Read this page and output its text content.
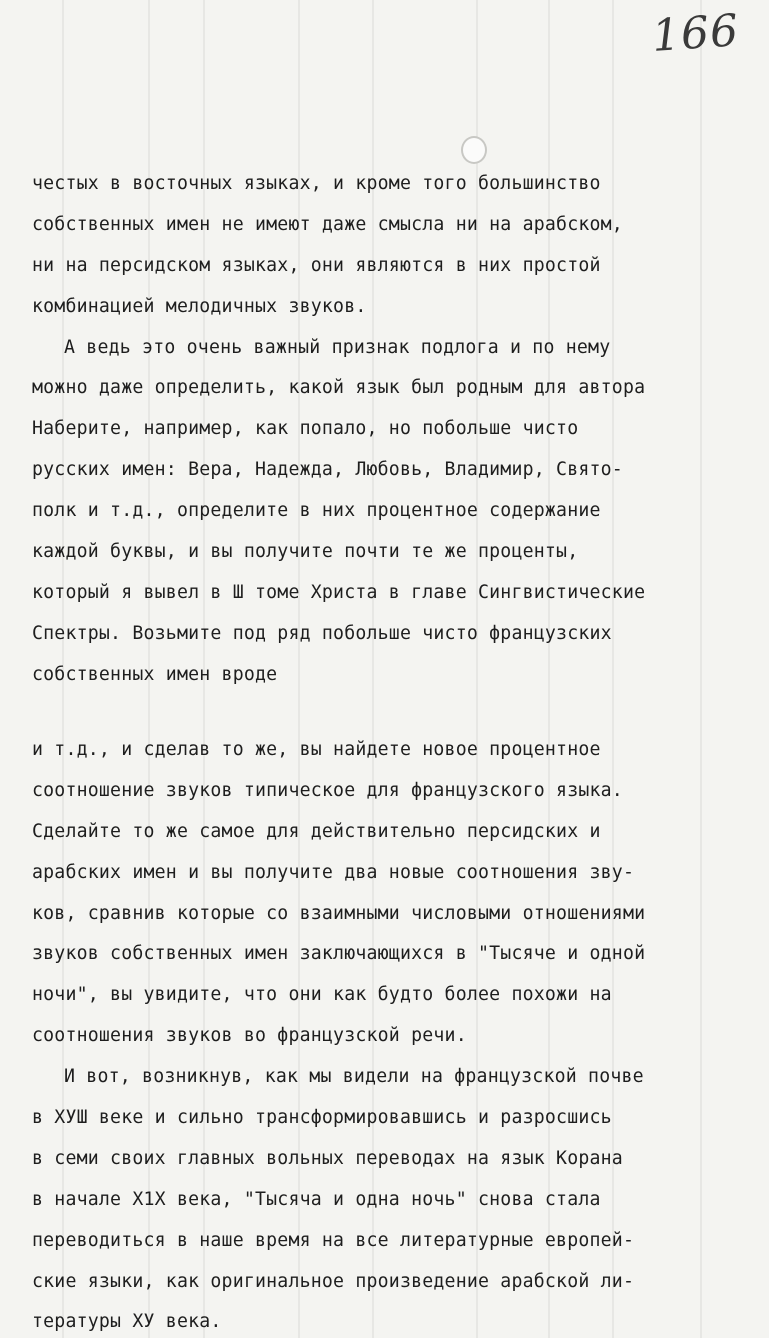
166
честых в восточных языках, и кроме того большинство
собственных имен не имеют даже смысла ни на арабском,
ни на персидском языках, они являются в них простой
комбинацией мелодичных звуков.
А ведь это очень важный признак подлога и по нему
можно даже определить, какой язык был родным для автора
Наберите, например, как попало, но побольше чисто
русских имен: Вера, Надежда, Любовь, Владимир, Свято-
полк и т.д., определите в них процентное содержание
каждой буквы, и вы получите почти те же проценты,
который я вывел в Ш томе Христа в главе Сингвистические
Спектры. Возьмите под ряд побольше чисто французских
собственных имен вроде
и т.д., и сделав то же, вы найдете новое процентное
соотношение звуков типическое для французского языка.
Сделайте то же самое для действительно персидских и
арабских имен и вы получите два новые соотношения зву-
ков, сравнив которые со взаимными числовыми отношениями
звуков собственных имен заключающихся в "Тысяче и одной
ночи", вы увидите, что они как будто более похожи на
соотношения звуков во французской речи.
И вот, возникнув, как мы видели на французской почве
в ХУШ веке и сильно трансформировавшись и разросшись
в семи своих главных вольных переводах на язык Корана
в начале Х1Х века, "Тысяча и одна ночь" снова стала
переводиться в наше время на все литературные европей-
ские языки, как оригинальное произведение арабской ли-
тературы ХУ века.
